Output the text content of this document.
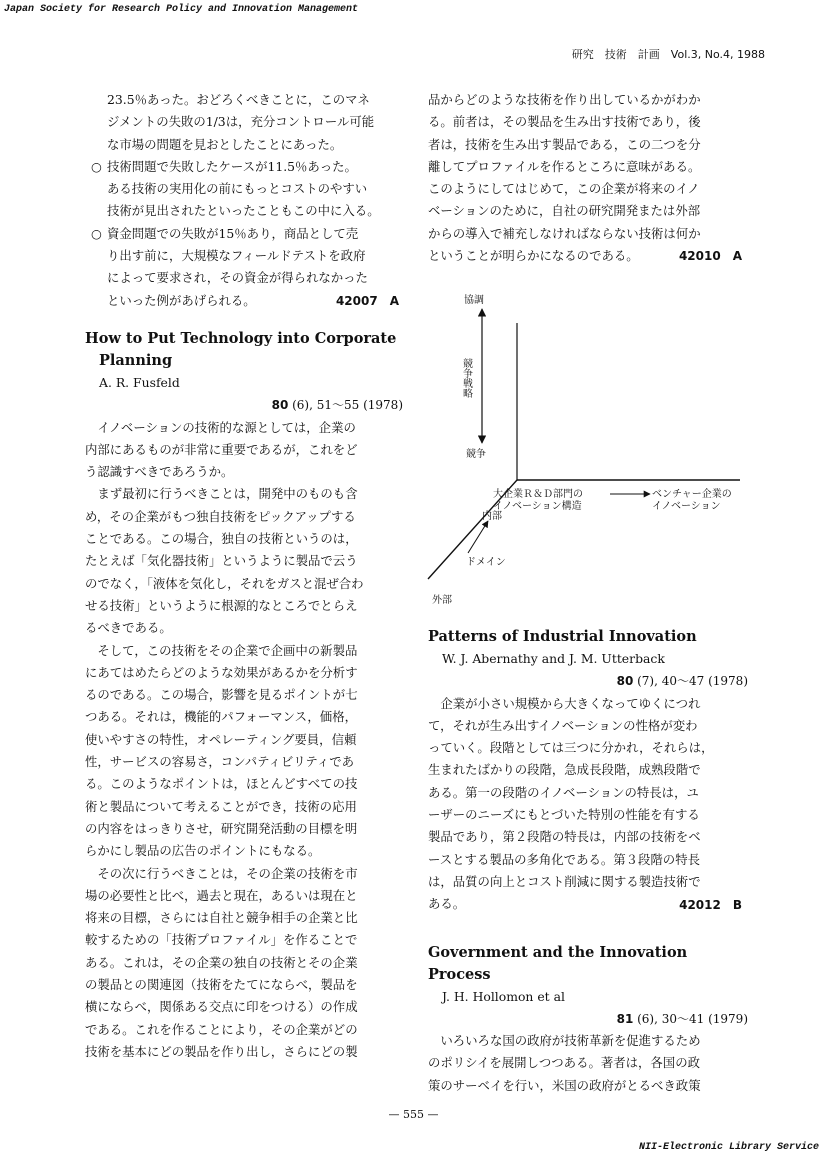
Japan Society for Research Policy and Innovation Management
研究　技術　計画　Vol.3, No.4, 1988
23.5％あった。おどろくべきことに，このマネ
ジメントの失敗の1/3は，充分コントロール可能
な市場の問題を見おとしたことにあった。
○ 技術問題で失敗したケースが11.5％あった。
ある技術の実用化の前にもっとコストのやすい
技術が見出されたといったこともこの中に入る。
○ 資金問題での失敗が15％あり，商品として売
り出す前に，大規模なフィールドテストを政府
によって要求され，その資金が得られなかった
といった例があげられる。	42007　A
How to Put Technology into Corporate
Planning
A. R. Fusfeld
80 (6), 51～55 (1978)
　イノベーションの技術的な源としては，企業の
内部にあるものが非常に重要であるが，これをど
う認識すべきであろうか。
　まず最初に行うべきことは，開発中のものも含
め，その企業がもつ独自技術をピックアップする
ことである。この場合，独自の技術というのは，
たとえば「気化器技術」というように製品で云う
のでなく，「液体を気化し，それをガスと混ぜ合わ
せる技術」というように根源的なところでとらえ
るべきである。
　そして，この技術をその企業で企画中の新製品
にあてはめたらどのような効果があるかを分析す
るのである。この場合，影響を見るポイントが七
つある。それは，機能的パフォーマンス，価格，
使いやすさの特性，オペレーティング要員，信頼
性，サービスの容易さ，コンパティビリティであ
る。このようなポイントは，ほとんどすべての技
術と製品について考えることができ，技術の応用
の内容をはっきりさせ，研究開発活動の目標を明
らかにし製品の広告のポイントにもなる。
　その次に行うべきことは，その企業の技術を市
場の必要性と比べ，過去と現在，あるいは現在と
将来の目標，さらには自社と競争相手の企業と比
較するための「技術プロファイル」を作ることで
ある。これは，その企業の独自の技術とその企業
の製品との関連図（技術をたてにならべ，製品を
横にならべ，関係ある交点に印をつける）の作成
である。これを作ることにより，その企業がどの
技術を基本にどの製品を作り出し，さらにどの製
品からどのような技術を作り出しているかがわか
る。前者は，その製品を生み出す技術であり，後
者は，技術を生み出す製品である，この二つを分
離してプロファイルを作るところに意味がある。
このようにしてはじめて，この企業が将来のイノ
ベーションのために，自社の研究開発または外部
からの導入で補充しなければならない技術は何か
ということが明らかになるのである。	42010　A
協調
競争戦略
競争
大企業Ｒ＆Ｄ部門の
イノベーション構造
ベンチャー企業の
イノベーション
内部
ドメイン
外部
Patterns of Industrial Innovation
W. J. Abernathy and J. M. Utterback
80 (7), 40～47 (1978)
　企業が小さい規模から大きくなってゆくにつれ
て，それが生み出すイノベーションの性格が変わ
っていく。段階としては三つに分かれ，それらは，
生まれたばかりの段階，急成長段階，成熟段階で
ある。第一の段階のイノベーションの特長は，ユ
ーザーのニーズにもとづいた特別の性能を有する
製品であり，第２段階の特長は，内部の技術をベ
ースとする製品の多角化である。第３段階の特長
は，品質の向上とコスト削減に関する製造技術で
ある。	42012　B
Government and the Innovation Process
J. H. Hollomon et al
81 (6), 30～41 (1979)
　いろいろな国の政府が技術革新を促進するため
のポリシイを展開しつつある。著者は，各国の政
策のサーベイを行い，米国の政府がとるべき政策
— 555 —
NII-Electronic Library Service
